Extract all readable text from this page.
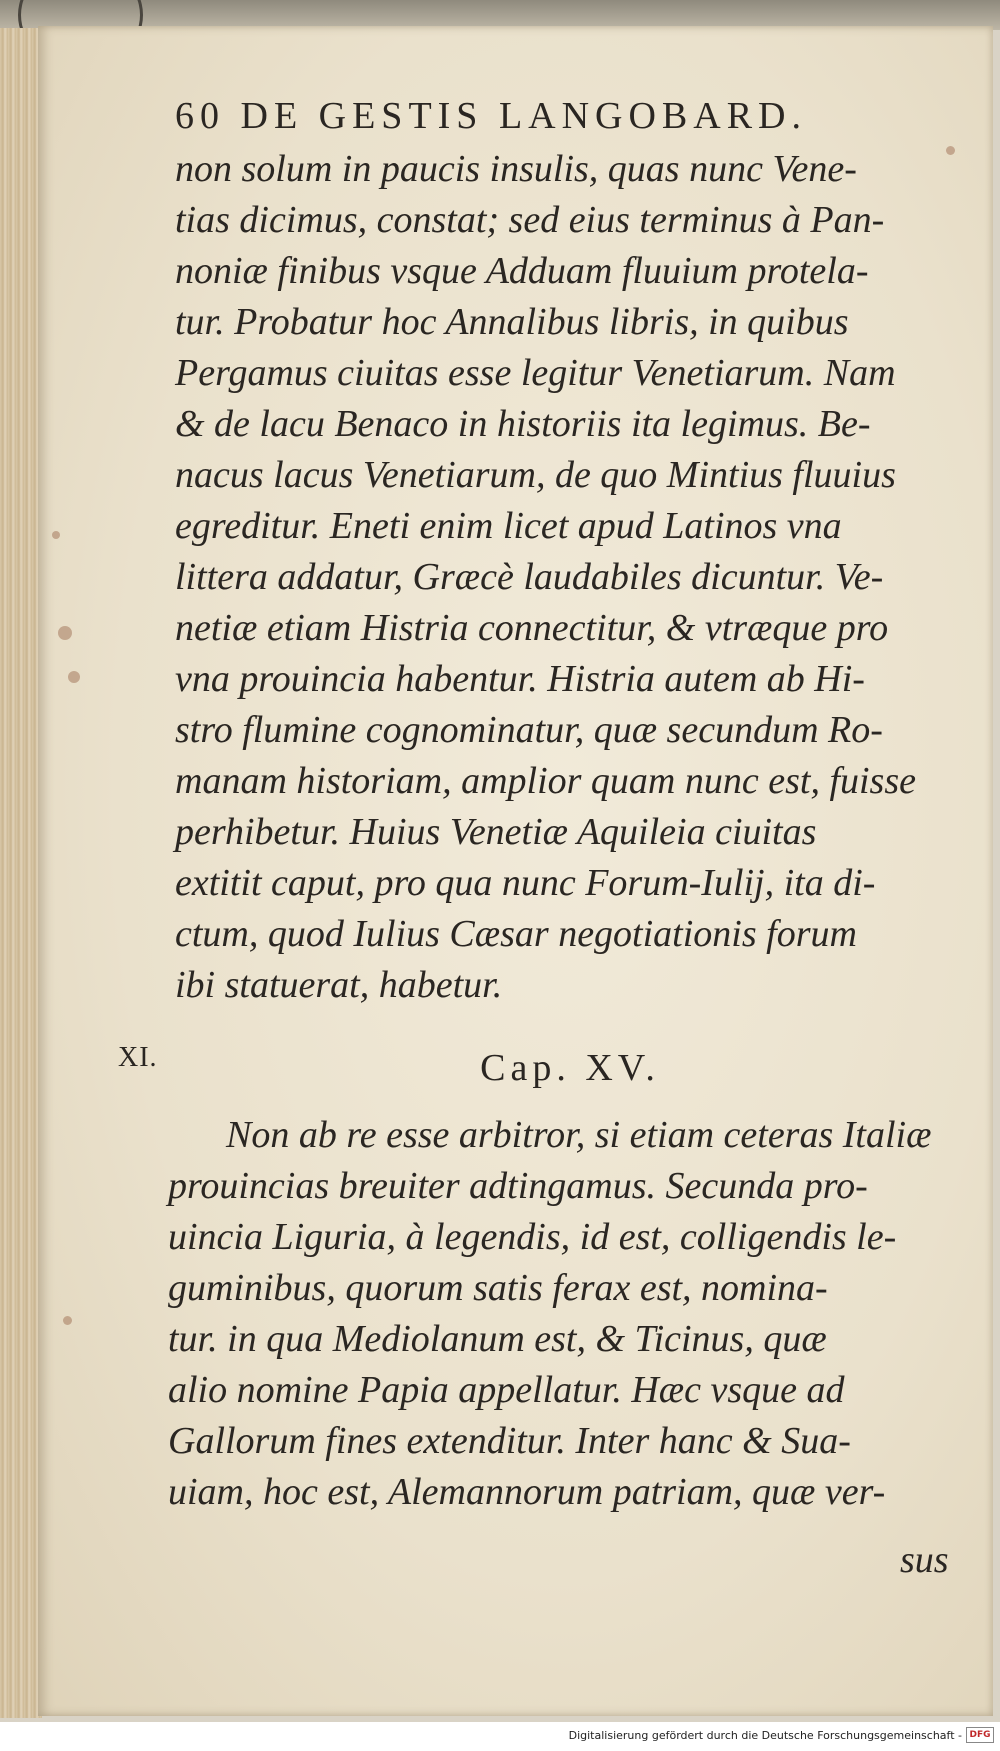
60 DE GESTIS LANGOBARD.
non solum in paucis insulis, quas nunc Vene-
tias dicimus, constat; sed eius terminus à Pan-
noniæ finibus vsque Adduam fluuium protela-
tur. Probatur hoc Annalibus libris, in quibus
Pergamus ciuitas esse legitur Venetiarum. Nam
& de lacu Benaco in historiis ita legimus. Be-
nacus lacus Venetiarum, de quo Mintius fluuius
egreditur. Eneti enim licet apud Latinos vna
littera addatur, Græcè laudabiles dicuntur. Ve-
netiæ etiam Histria connectitur, & vtræque pro
vna prouincia habentur. Histria autem ab Hi-
stro flumine cognominatur, quæ secundum Ro-
manam historiam, amplior quam nunc est, fuisse
perhibetur. Huius Venetiæ Aquileia ciuitas
extitit caput, pro qua nunc Forum-Iulij, ita di-
ctum, quod Iulius Cæsar negotiationis forum
ibi statuerat, habetur.
XI.	Cap. XV.
Non ab re esse arbitror, si etiam ceteras Italiæ
prouincias breuiter adtingamus. Secunda pro-
uincia Liguria, à legendis, id est, colligendis le-
guminibus, quorum satis ferax est, nomina-
tur. in qua Mediolanum est, & Ticinus, quæ
alio nomine Papia appellatur. Hæc vsque ad
Gallorum fines extenditur. Inter hanc & Sua-
uiam, hoc est, Alemannorum patriam, quæ ver-
sus
Digitalisierung gefördert durch die Deutsche Forschungsgemeinschaft - DFG
